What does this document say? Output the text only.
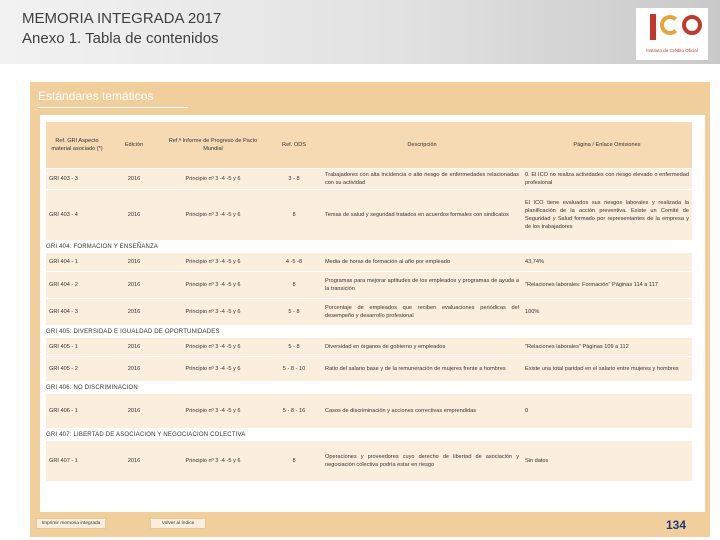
MEMORIA INTEGRADA 2017
Anexo 1. Tabla de contenidos
Instituto de Crédito Oficial
Estándares temáticos
Ref. GRI Aspecto material asociado (*)	Edición	Ref.ª Informe de Progreso de Pacto Mundial	Ref. ODS	Descripción	Página / Enlace Omisiones
GRI 403 - 3	2016	Principio nº 3 -4 -5 y 6	3 - 8	Trabajadores con alta incidencia o alto riesgo de enfermedades relacionadas con su actividad	0. El ICO no realiza actividades con riesgo elevado o enfermedad profesional
GRI 403 - 4	2016	Principio nº 3 -4 -5 y 6	8	Temas de salud y seguridad tratados en acuerdos formales con sindicatos	El ICO tiene evaluados sus riesgos laborales y realizada la planificación de la acción preventiva. Existe un Comité de Seguridad y Salud formado por representantes de la empresa y de los trabajadores
GRI 404: FORMACION Y ENSEÑANZA					
GRI 404 - 1	2016	Principio nº 3 -4 -5 y 6	4 -5 -8	Media de horas de formación al año por empleado	43,74%
GRI 404 - 2	2016	Principio nº 3 -4 -5 y 6	8	Programas para mejorar aptitudes de los empleados y programas de ayuda a la transición	"Relaciones laborales: Formación" Páginas 114 a 117
GRI 404 - 3	2016	Principio nº 3 -4 -5 y 6	5 - 8	Porcentaje de empleados que reciben evaluaciones periódicas del desempeño y desarrollo profesional	100%
GRI 405: DIVERSIDAD E IGUALDAD DE OPORTUNIDADES					
GRI 405 - 1	2016	Principio nº 3 -4 -5 y 6	5 - 8	Diversidad en órganos de gobierno y empleados	"Relaciones laborales" Páginas 109 a 112
GRI 405 - 2	2016	Principio nº 3 -4 -5 y 6	5 - 8 - 10	Ratio del salario base y de la remuneración de mujeres frente a hombres	Existe una total paridad en el salario entre mujeres y hombres
GRI 406: NO DISCRIMINACION					
GRI 406 - 1	2016	Principio nº 3 -4 -5 y 6	5 - 8 - 16	Casos de discriminación y acciones correctivas emprendidas	0
GRI 407: LIBERTAD DE ASOCIACION Y NEGOCIACION COLECTIVA					
GRI 407 - 1	2016	Principio nº 3 -4 -5 y 6	8	Operaciones y proveedores cuyo derecho de libertad de asociación y negociación colectiva podría estar en riesgo	Sin datos
Imprimir memoria integrada	Volver al índice	134
